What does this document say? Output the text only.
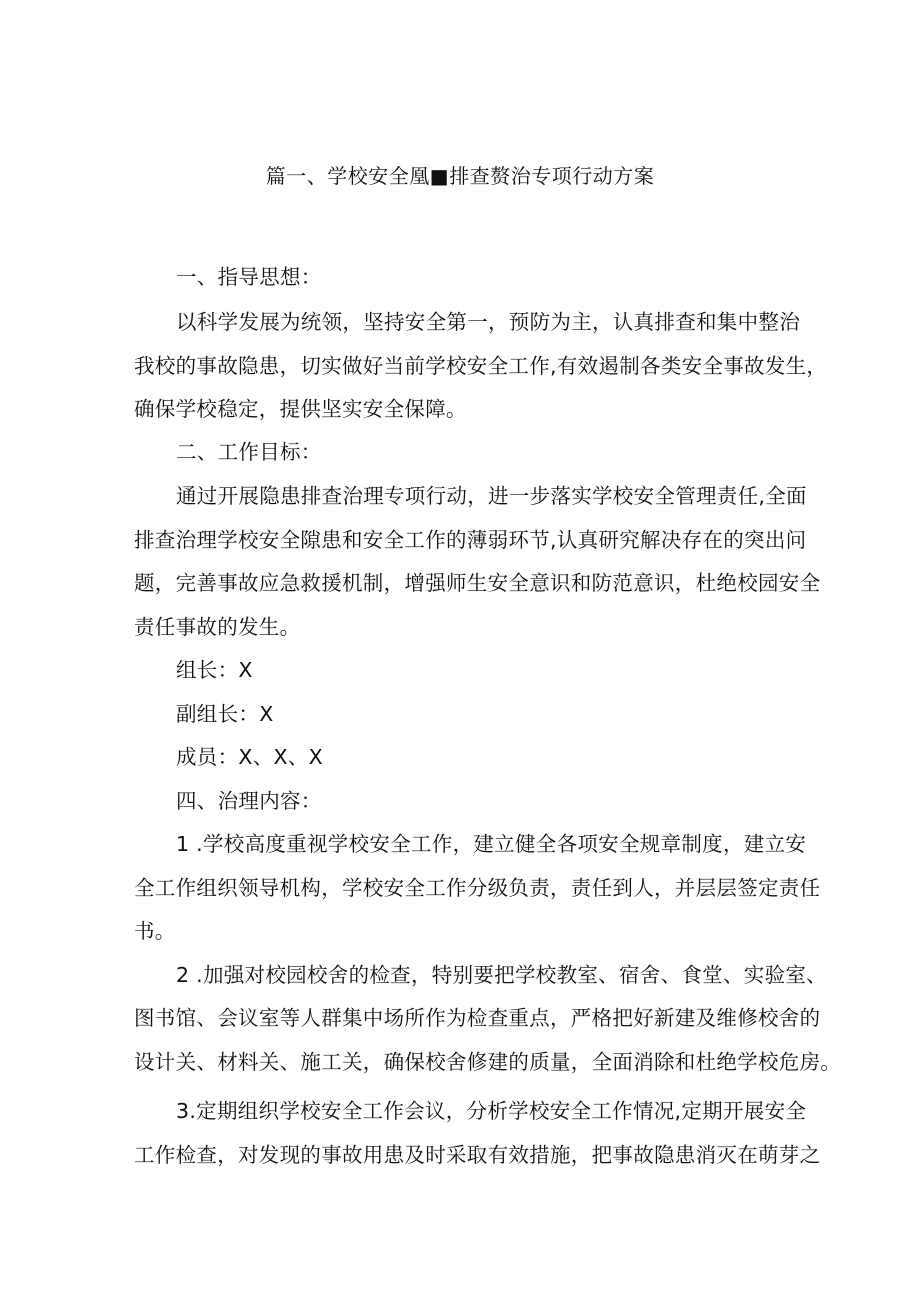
篇一、学校安全凰■排查赘治专项行动方案
一、指导思想：
以科学发展为统领，坚持安全第一，预防为主，认真排查和集中整治
我校的事故隐患，切实做好当前学校安全工作,有效遏制各类安全事故发生，
确保学校稳定，提供坚实安全保障。
二、工作目标：
通过开展隐患排查治理专项行动，进一步落实学校安全管理责任,全面
排查治理学校安全隙患和安全工作的薄弱环节,认真研究解决存在的突出问
题，完善事故应急救援机制，增强师生安全意识和防范意识，杜绝校园安全
责任事故的发生。
组长：X
副组长：X
成员：X、X、X
四、治理内容：
1 .学校高度重视学校安全工作，建立健全各项安全规章制度，建立安
全工作组织领导机构，学校安全工作分级负责，责任到人，并层层签定责任
书。
2 .加强对校园校舍的检查，特别要把学校教室、宿舍、食堂、实验室、
图书馆、会议室等人群集中场所作为检查重点，严格把好新建及维修校舍的
设计关、材料关、施工关，确保校舍修建的质量，全面消除和杜绝学校危房。
3.定期组织学校安全工作会议，分析学校安全工作情况,定期开展安全
工作检查，对发现的事故用患及时采取有效措施，把事故隐患消灭在萌芽之
